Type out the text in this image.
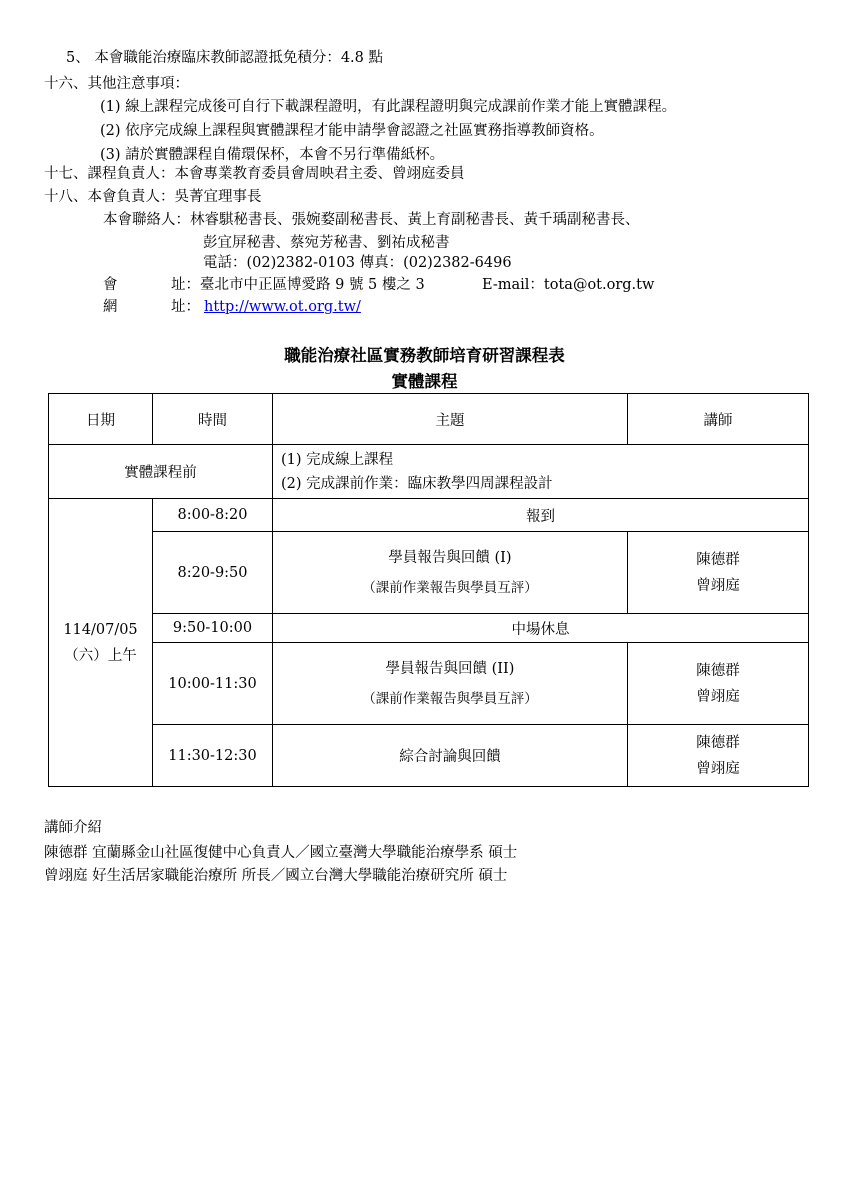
5、 本會職能治療臨床教師認證抵免積分：4.8 點
十六、其他注意事項：
(1) 線上課程完成後可自行下載課程證明，有此課程證明與完成課前作業才能上實體課程。
(2) 依序完成線上課程與實體課程才能申請學會認證之社區實務指導教師資格。
(3) 請於實體課程自備環保杯，本會不另行準備紙杯。
十七、課程負責人：本會專業教育委員會周映君主委、曾翊庭委員
十八、本會負責人：吳菁宜理事長
本會聯絡人：林睿騏秘書長、張婉婺副秘書長、黃上育副秘書長、黃千瑀副秘書長、
彭宜屏秘書、蔡宛芳秘書、劉祐成秘書
電話：(02)2382-0103 傳真：(02)2382-6496
會	址：臺北市中正區博愛路 9 號 5 樓之 3	E-mail：tota@ot.org.tw
網	址： http://www.ot.org.tw/
職能治療社區實務教師培育研習課程表
實體課程
日期	時間	主題	講師
實體課程前		(1) 完成線上課程
(2) 完成課前作業：臨床教學四周課程設計	

114/07/05
（六）上午	8:00-8:20	報到	
	8:20-9:50	學員報告與回饋 (I)
（課前作業報告與學員互評）	陳德群
曾翊庭

	9:50-10:00	中場休息	
	10:00-11:30	學員報告與回饋 (II)
（課前作業報告與學員互評）	陳德群
曾翊庭

	11:30-12:30	綜合討論與回饋	陳德群
曾翊庭
講師介紹
陳德群 宜蘭縣金山社區復健中心負責人／國立臺灣大學職能治療學系 碩士
曾翊庭 好生活居家職能治療所 所長／國立台灣大學職能治療研究所 碩士
